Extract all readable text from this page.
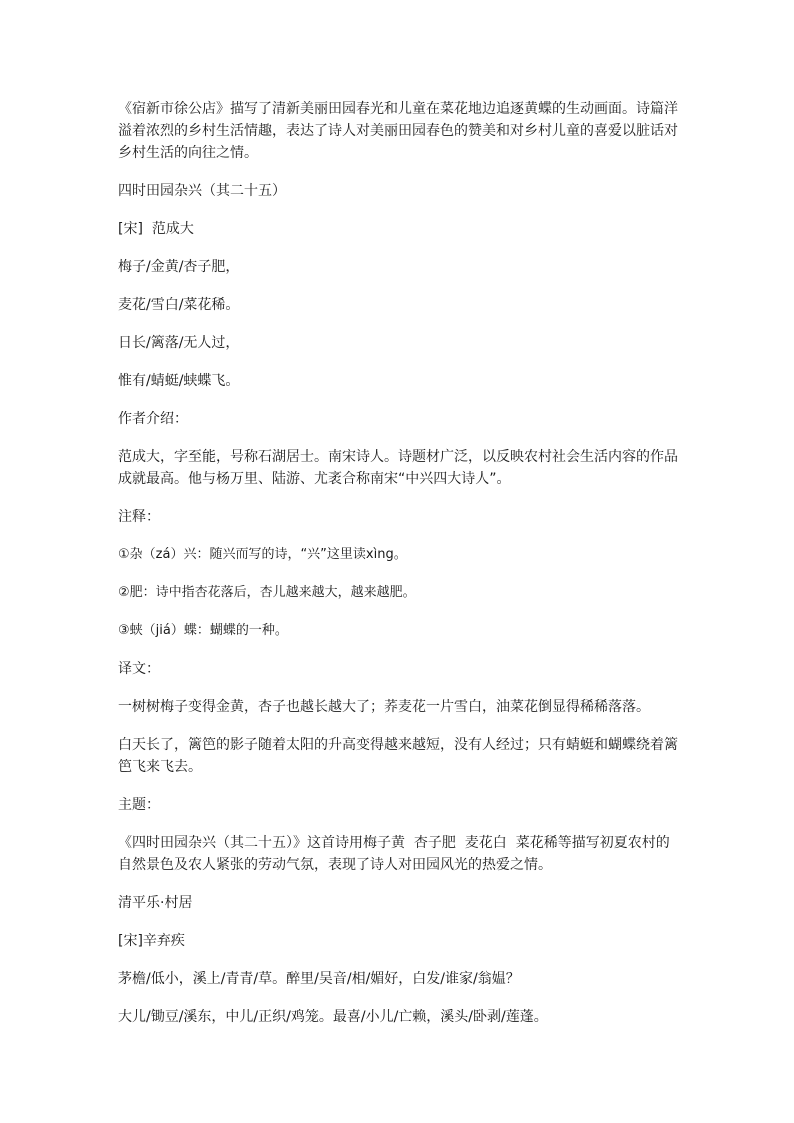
《宿新市徐公店》描写了清新美丽田园春光和儿童在菜花地边追逐黄蝶的生动画面。诗篇洋溢着浓烈的乡村生活情趣，表达了诗人对美丽田园春色的赞美和对乡村儿童的喜爱以脏话对乡村生活的向往之情。

四时田园杂兴（其二十五）

[宋]  范成大

梅子/金黄/杏子肥，

麦花/雪白/菜花稀。

日长/篱落/无人过，

惟有/蜻蜓/蛱蝶飞。

作者介绍：

范成大，字至能，号称石湖居士。南宋诗人。诗题材广泛，以反映农村社会生活内容的作品成就最高。他与杨万里、陆游、尤袤合称南宋“中兴四大诗人”。

注释：

①杂（zá）兴：随兴而写的诗，“兴”这里读xìng。

②肥：诗中指杏花落后，杏儿越来越大，越来越肥。

③蛱（jiá）蝶：蝴蝶的一种。

译文：

一树树梅子变得金黄，杏子也越长越大了；荞麦花一片雪白，油菜花倒显得稀稀落落。

白天长了，篱笆的影子随着太阳的升高变得越来越短，没有人经过；只有蜻蜓和蝴蝶绕着篱笆飞来飞去。

主题：

《四时田园杂兴（其二十五）》这首诗用梅子黄  杏子肥  麦花白  菜花稀等描写初夏农村的自然景色及农人紧张的劳动气氛，表现了诗人对田园风光的热爱之情。

清平乐·村居

[宋]辛弃疾

茅檐/低小，溪上/青青/草。醉里/吴音/相/媚好，白发/谁家/翁媪？

大儿/锄豆/溪东，中儿/正织/鸡笼。最喜/小儿/亡赖，溪头/卧剥/莲蓬。
